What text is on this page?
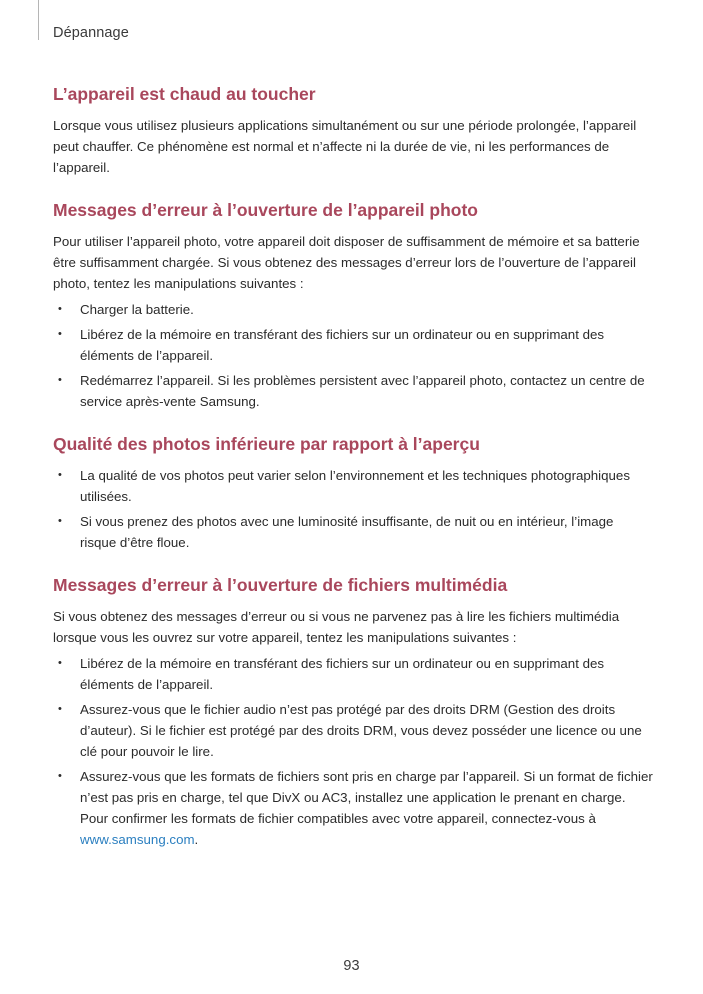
Dépannage
L’appareil est chaud au toucher

Lorsque vous utilisez plusieurs applications simultanément ou sur une période prolongée, l’appareil peut chauffer. Ce phénomène est normal et n’affecte ni la durée de vie, ni les performances de l’appareil.

Messages d’erreur à l’ouverture de l’appareil photo

Pour utiliser l’appareil photo, votre appareil doit disposer de suffisamment de mémoire et sa batterie être suffisamment chargée. Si vous obtenez des messages d’erreur lors de l’ouverture de l’appareil photo, tentez les manipulations suivantes :

• Charger la batterie.
• Libérez de la mémoire en transférant des fichiers sur un ordinateur ou en supprimant des éléments de l’appareil.
• Redémarrez l’appareil. Si les problèmes persistent avec l’appareil photo, contactez un centre de service après-vente Samsung.
Qualité des photos inférieure par rapport à l’aperçu
• La qualité de vos photos peut varier selon l’environnement et les techniques photographiques utilisées.
• Si vous prenez des photos avec une luminosité insuffisante, de nuit ou en intérieur, l’image risque d’être floue.
Messages d’erreur à l’ouverture de fichiers multimédia

Si vous obtenez des messages d’erreur ou si vous ne parvenez pas à lire les fichiers multimédia lorsque vous les ouvrez sur votre appareil, tentez les manipulations suivantes :

• Libérez de la mémoire en transférant des fichiers sur un ordinateur ou en supprimant des éléments de l’appareil.
• Assurez-vous que le fichier audio n’est pas protégé par des droits DRM (Gestion des droits d’auteur). Si le fichier est protégé par des droits DRM, vous devez posséder une licence ou une clé pour pouvoir le lire.
• Assurez-vous que les formats de fichiers sont pris en charge par l’appareil. Si un format de fichier n’est pas pris en charge, tel que DivX ou AC3, installez une application le prenant en charge. Pour confirmer les formats de fichier compatibles avec votre appareil, connectez-vous à www.samsung.com.
93
